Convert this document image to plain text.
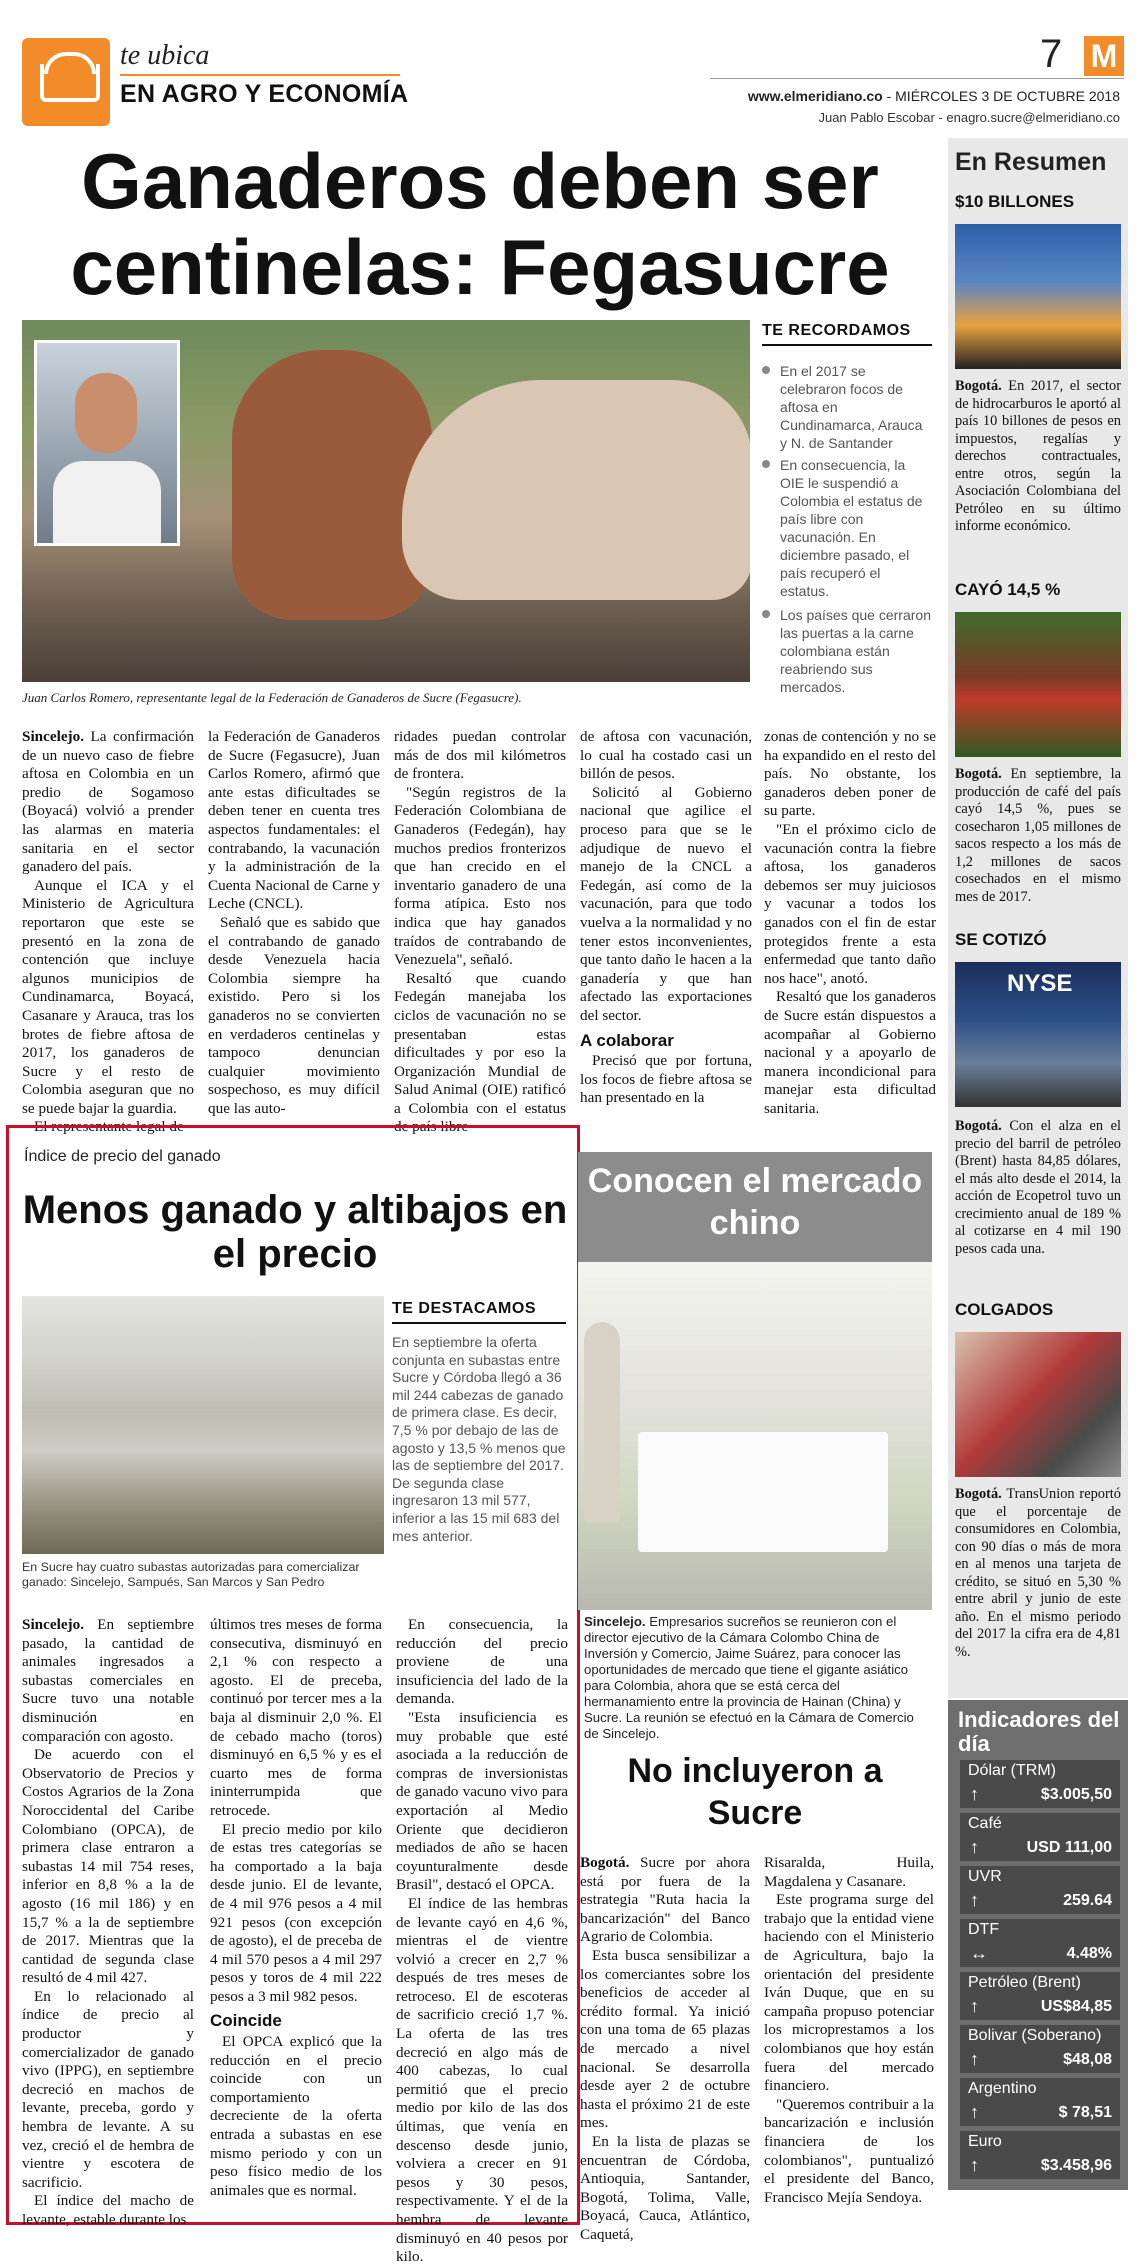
te ubica
EN AGRO Y ECONOMÍA
7 M
www.elmeridiano.co - MIÉRCOLES 3 DE OCTUBRE 2018
Juan Pablo Escobar - enagro.sucre@elmeridiano.co
Ganaderos deben ser centinelas: Fegasucre
Juan Carlos Romero, representante legal de la Federación de Ganaderos de Sucre (Fegasucre).
TE RECORDAMOS
En el 2017 se celebraron focos de aftosa en Cundinamarca, Arauca y N. de Santander
En consecuencia, la OIE le suspendió a Colombia el estatus de país libre con vacunación. En diciembre pasado, el país recuperó el estatus.
Los países que cerraron las puertas a la carne colombiana están reabriendo sus mercados.

Sincelejo. La confirmación de un nuevo caso de fiebre aftosa en Colombia en un predio de Sogamoso (Boyacá) volvió a prender las alarmas en materia sanitaria en el sector ganadero del país.

Aunque el ICA y el Ministerio de Agricultura reportaron que este se presentó en la zona de contención que incluye algunos municipios de Cundinamarca, Boyacá, Casanare y Arauca, tras los brotes de fiebre aftosa de 2017, los ganaderos de Sucre y el resto de Colombia aseguran que no se puede bajar la guardia.

El representante legal de

la Federación de Ganaderos de Sucre (Fegasucre), Juan Carlos Romero, afirmó que ante estas dificultades se deben tener en cuenta tres aspectos fundamentales: el contrabando, la vacunación y la administración de la Cuenta Nacional de Carne y Leche (CNCL).

Señaló que es sabido que el contrabando de ganado desde Venezuela hacia Colombia siempre ha existido. Pero si los ganaderos no se convierten en verdaderos centinelas y tampoco denuncian cualquier movimiento sospechoso, es muy difícil que las auto-

ridades puedan controlar más de dos mil kilómetros de frontera.

"Según registros de la Federación Colombiana de Ganaderos (Fedegán), hay muchos predios fronterizos que han crecido en el inventario ganadero de una forma atípica. Esto nos indica que hay ganados traídos de contrabando de Venezuela", señaló.

Resaltó que cuando Fedegán manejaba los ciclos de vacunación no se presentaban estas dificultades y por eso la Organización Mundial de Salud Animal (OIE) ratificó a Colombia con el estatus de país libre

de aftosa con vacunación, lo cual ha costado casi un billón de pesos.

Solicitó al Gobierno nacional que agilice el proceso para que se le adjudique de nuevo el manejo de la CNCL a Fedegán, así como de la vacunación, para que todo vuelva a la normalidad y no tener estos inconvenientes, que tanto daño le hacen a la ganadería y que han afectado las exportaciones del sector.

A colaborar

Precisó que por fortuna, los focos de fiebre aftosa se han presentado en la

zonas de contención y no se ha expandido en el resto del país. No obstante, los ganaderos deben poner de su parte.

"En el próximo ciclo de vacunación contra la fiebre aftosa, los ganaderos debemos ser muy juiciosos y vacunar a todos los ganados con el fin de estar protegidos frente a esta enfermedad que tanto daño nos hace", anotó.

Resaltó que los ganaderos de Sucre están dispuestos a acompañar al Gobierno nacional y a apoyarlo de manera incondicional para manejar esta dificultad sanitaria.

En Resumen
$10 BILLONES
Bogotá. En 2017, el sector de hidrocarburos le aportó al país 10 billones de pesos en impuestos, regalías y derechos contractuales, entre otros, según la Asociación Colombiana del Petróleo en su último informe económico.
CAYÓ 14,5 %
Bogotá. En septiembre, la producción de café del país cayó 14,5 %, pues se cosecharon 1,05 millones de sacos respecto a los más de 1,2 millones de sacos cosechados en el mismo mes de 2017.
SE COTIZÓ
NYSE
Bogotá. Con el alza en el precio del barril de petróleo (Brent) hasta 84,85 dólares, el más alto desde el 2014, la acción de Ecopetrol tuvo un crecimiento anual de 189 % al cotizarse en 4 mil 190 pesos cada una.
COLGADOS
Bogotá. TransUnion reportó que el porcentaje de consumidores en Colombia, con 90 días o más de mora en al menos una tarjeta de crédito, se situó en 5,30 % entre abril y junio de este año. En el mismo periodo del 2017 la cifra era de 4,81 %.
Indicadores del día
Dólar (TRM)
↑	$3.005,50
Café
↑	USD 111,00
UVR
↑	259.64
DTF
↔	4.48%
Petróleo (Brent)
↑	US$84,85
Bolivar (Soberano)
↑	$48,08
Argentino
↑	$ 78,51
Euro
↑	$3.458,96
Índice de precio del ganado
Menos ganado y altibajos en el precio
En Sucre hay cuatro subastas autorizadas para comercializar ganado: Sincelejo, Sampués, San Marcos y San Pedro
TE DESTACAMOS
En septiembre la oferta conjunta en subastas entre Sucre y Córdoba llegó a 36 mil 244 cabezas de ganado de primera clase. Es decir, 7,5 % por debajo de las de agosto y 13,5 % menos que las de septiembre del 2017. De segunda clase ingresaron 13 mil 577, inferior a las 15 mil 683 del mes anterior.

Sincelejo. En septiembre pasado, la cantidad de animales ingresados a subastas comerciales en Sucre tuvo una notable disminución en comparación con agosto.

De acuerdo con el Observatorio de Precios y Costos Agrarios de la Zona Noroccidental del Caribe Colombiano (OPCA), de primera clase entraron a subastas 14 mil 754 reses, inferior en 8,8 % a la de agosto (16 mil 186) y en 15,7 % a la de septiembre de 2017. Mientras que la cantidad de segunda clase resultó de 4 mil 427.

En lo relacionado al índice de precio al productor y comercializador de ganado vivo (IPPG), en septiembre decreció en machos de levante, preceba, gordo y hembra de levante. A su vez, creció el de hembra de vientre y escotera de sacrificio.

El índice del macho de levante, estable durante los

últimos tres meses de forma consecutiva, disminuyó en 2,1 % con respecto a agosto. El de preceba, continuó por tercer mes a la baja al disminuir 2,0 %. El de cebado macho (toros) disminuyó en 6,5 % y es el cuarto mes de forma ininterrumpida que retrocede.

El precio medio por kilo de estas tres categorías se ha comportado a la baja desde junio. El de levante, de 4 mil 976 pesos a 4 mil 921 pesos (con excepción de agosto), el de preceba de 4 mil 570 pesos a 4 mil 297 pesos y toros de 4 mil 222 pesos a 3 mil 982 pesos.

Coincide

El OPCA explicó que la reducción en el precio coincide con un comportamiento decreciente de la oferta entrada a subastas en ese mismo periodo y con un peso físico medio de los animales que es normal.

En consecuencia, la reducción del precio proviene de una insuficiencia del lado de la demanda.

"Esta insuficiencia es muy probable que esté asociada a la reducción de compras de inversionistas de ganado vacuno vivo para exportación al Medio Oriente que decidieron mediados de año se hacen coyunturalmente desde Brasil", destacó el OPCA.

El índice de las hembras de levante cayó en 4,6 %, mientras el de vientre volvió a crecer en 2,7 % después de tres meses de retroceso. El de escoteras de sacrificio creció 1,7 %. La oferta de las tres decreció en algo más de 400 cabezas, lo cual permitió que el precio medio por kilo de las dos últimas, que venía en descenso desde junio, volviera a crecer en 91 pesos y 30 pesos, respectivamente. Y el de la hembra de levante disminuyó en 40 pesos por kilo.

Conocen el mercado chino
Sincelejo. Empresarios sucreños se reunieron con el director ejecutivo de la Cámara Colombo China de Inversión y Comercio, Jaime Suárez, para conocer las oportunidades de mercado que tiene el gigante asiático para Colombia, ahora que se está cerca del hermanamiento entre la provincia de Hainan (China) y Sucre. La reunión se efectuó en la Cámara de Comercio de Sincelejo.
No incluyeron a Sucre

Bogotá. Sucre por ahora está por fuera de la estrategia "Ruta hacia la bancarización" del Banco Agrario de Colombia.

Esta busca sensibilizar a los comerciantes sobre los beneficios de acceder al crédito formal. Ya inició con una toma de 65 plazas de mercado a nivel nacional. Se desarrolla desde ayer 2 de octubre hasta el próximo 21 de este mes.

En la lista de plazas se encuentran de Córdoba, Antioquia, Santander, Bogotá, Tolima, Valle, Boyacá, Cauca, Atlántico, Caquetá,

Risaralda, Huila, Magdalena y Casanare.

Este programa surge del trabajo que la entidad viene haciendo con el Ministerio de Agricultura, bajo la orientación del presidente Iván Duque, que en su campaña propuso potenciar los microprestamos a los colombianos que hoy están fuera del mercado financiero.

"Queremos contribuir a la bancarización e inclusión financiera de los colombianos", puntualizó el presidente del Banco, Francisco Mejía Sendoya.
